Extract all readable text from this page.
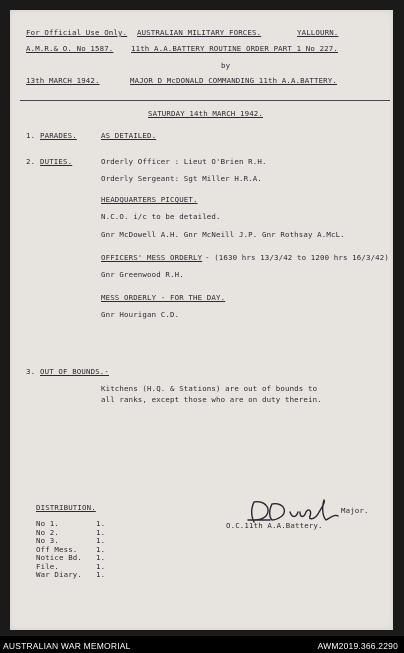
For Official Use Only. AUSTRALIAN MILITARY FORCES.	YALLOURN.
A.M.R.& O. No 1587. 11th A.A.BATTERY ROUTINE ORDER PART 1 No 227.
by
13th MARCH 1942.	MAJOR D McDONALD COMMANDING 11th A.A.BATTERY.
SATURDAY 14th MARCH 1942.
1. PARADES.	AS DETAILED.
2. DUTIES.	Orderly Officer : Lieut O'Brien R.H.
Orderly Sergeant: Sgt Miller H.R.A.
HEADQUARTERS PICQUET.
N.C.O. i/c to be detailed.
Gnr McDowell A.H. Gnr McNeill J.P. Gnr Rothsay A.McL.
OFFICERS' MESS ORDERLY - (1630 hrs 13/3/42 to 1200 hrs 16/3/42)
Gnr Greenwood R.H.
MESS ORDERLY - FOR THE DAY.
Gnr Hourigan C.D.
3. OUT OF BOUNDS.-
Kitchens (H.Q. & Stations) are out of bounds to
all ranks, except those who are on duty therein.
DISTRIBUTION.
No 1.	1.
No 2.	1.
No 3.	1.
Off Mess.	1.
Notice Bd. 1.
File.	1.
War Diary. 1.
Major.
O.C.11th A.A.Battery.
AUSTRALIAN WAR MEMORIAL	AWM2019.366.2290
